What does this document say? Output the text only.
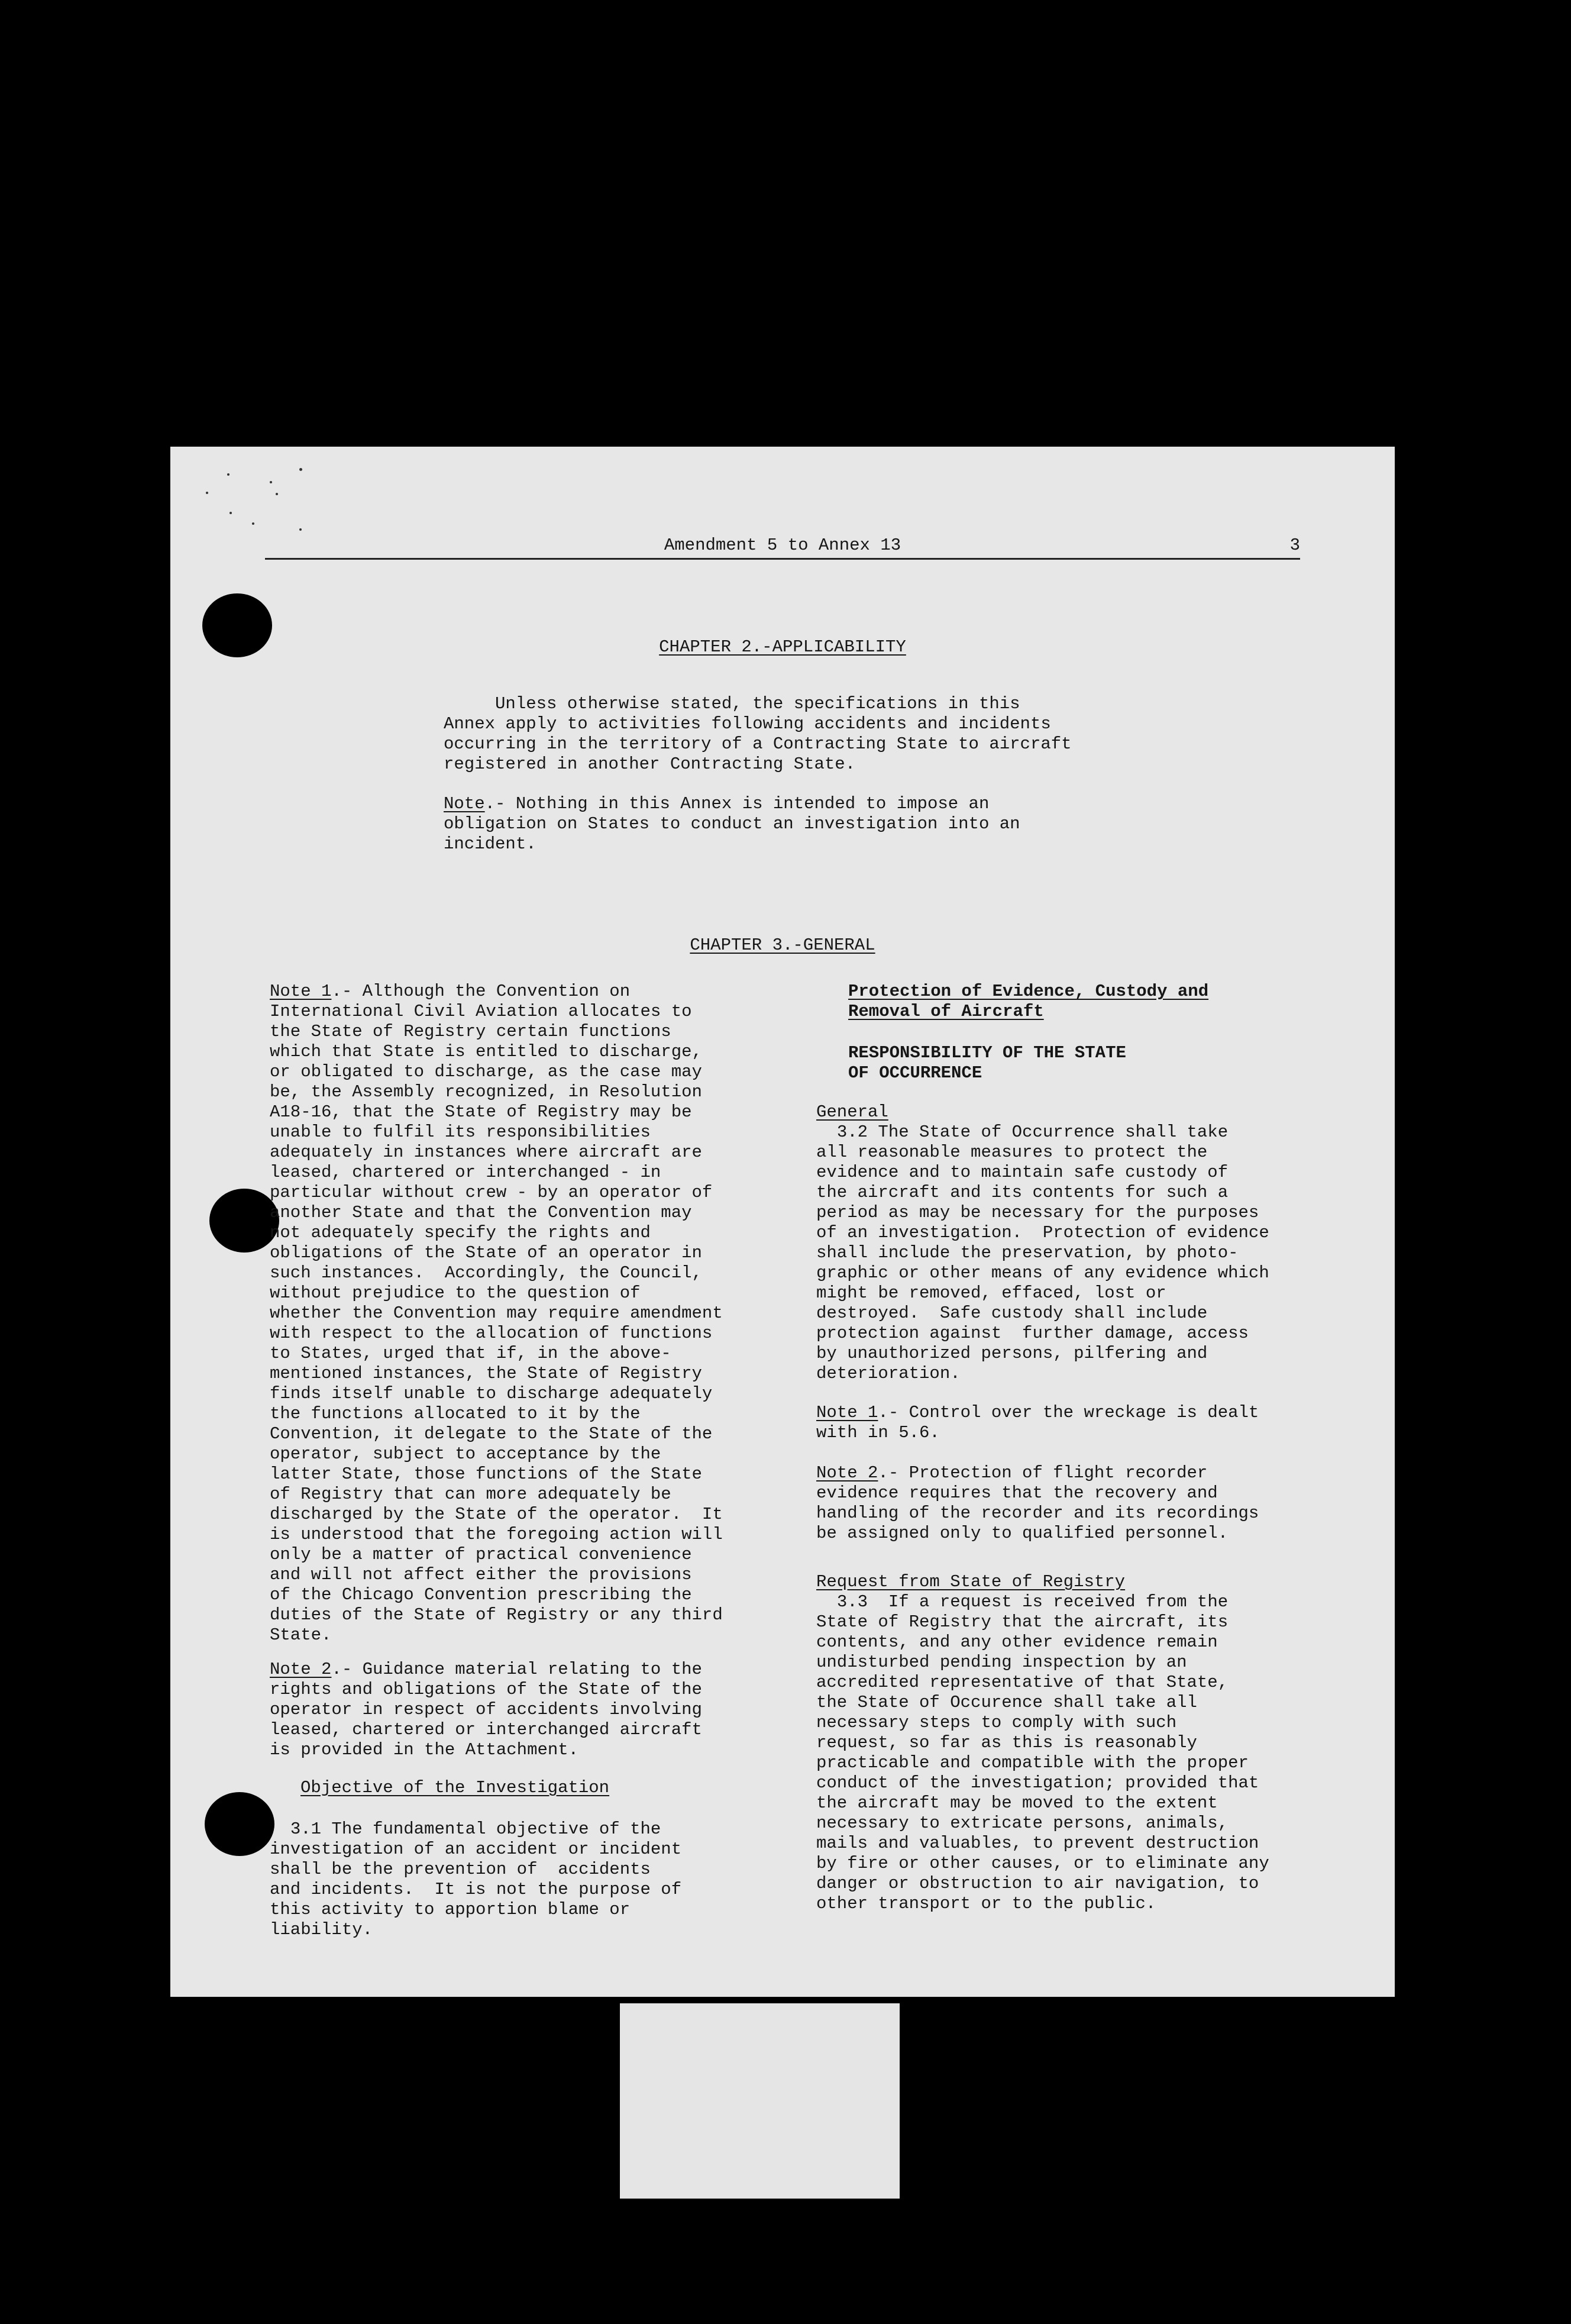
Amendment 5 to Annex 13	3
CHAPTER 2.-APPLICABILITY

Unless otherwise stated, the specifications in this
Annex apply to activities following accidents and incidents
occurring in the territory of a Contracting State to aircraft
registered in another Contracting State.

Note.- Nothing in this Annex is intended to impose an
obligation on States to conduct an investigation into an
incident.

CHAPTER 3.-GENERAL

Note 1.- Although the Convention on
International Civil Aviation allocates to
the State of Registry certain functions
which that State is entitled to discharge,
or obligated to discharge, as the case may
be, the Assembly recognized, in Resolution
A18-16, that the State of Registry may be
unable to fulfil its responsibilities
adequately in instances where aircraft are
leased, chartered or interchanged - in
particular without crew - by an operator of
another State and that the Convention may
not adequately specify the rights and
obligations of the State of an operator in
such instances.  Accordingly, the Council,
without prejudice to the question of
whether the Convention may require amendment
with respect to the allocation of functions
to States, urged that if, in the above-
mentioned instances, the State of Registry
finds itself unable to discharge adequately
the functions allocated to it by the
Convention, it delegate to the State of the
operator, subject to acceptance by the
latter State, those functions of the State
of Registry that can more adequately be
discharged by the State of the operator.  It
is understood that the foregoing action will
only be a matter of practical convenience
and will not affect either the provisions
of the Chicago Convention prescribing the
duties of the State of Registry or any third
State.

Note 2.- Guidance material relating to the
rights and obligations of the State of the
operator in respect of accidents involving
leased, chartered or interchanged aircraft
is provided in the Attachment.

Objective of the Investigation

3.1 The fundamental objective of the
investigation of an accident or incident
shall be the prevention of  accidents
and incidents.  It is not the purpose of
this activity to apportion blame or
liability.

Protection of Evidence, Custody and
Removal of Aircraft

RESPONSIBILITY OF THE STATE
OF OCCURRENCE

General

3.2 The State of Occurrence shall take
all reasonable measures to protect the
evidence and to maintain safe custody of
the aircraft and its contents for such a
period as may be necessary for the purposes
of an investigation.  Protection of evidence
shall include the preservation, by photo-
graphic or other means of any evidence which
might be removed, effaced, lost or
destroyed.  Safe custody shall include
protection against  further damage, access
by unauthorized persons, pilfering and
deterioration.

Note 1.- Control over the wreckage is dealt
with in 5.6.

Note 2.- Protection of flight recorder
evidence requires that the recovery and
handling of the recorder and its recordings
be assigned only to qualified personnel.

Request from State of Registry

3.3  If a request is received from the
State of Registry that the aircraft, its
contents, and any other evidence remain
undisturbed pending inspection by an
accredited representative of that State,
the State of Occurence shall take all
necessary steps to comply with such
request, so far as this is reasonably
practicable and compatible with the proper
conduct of the investigation; provided that
the aircraft may be moved to the extent
necessary to extricate persons, animals,
mails and valuables, to prevent destruction
by fire or other causes, or to eliminate any
danger or obstruction to air navigation, to
other transport or to the public.
